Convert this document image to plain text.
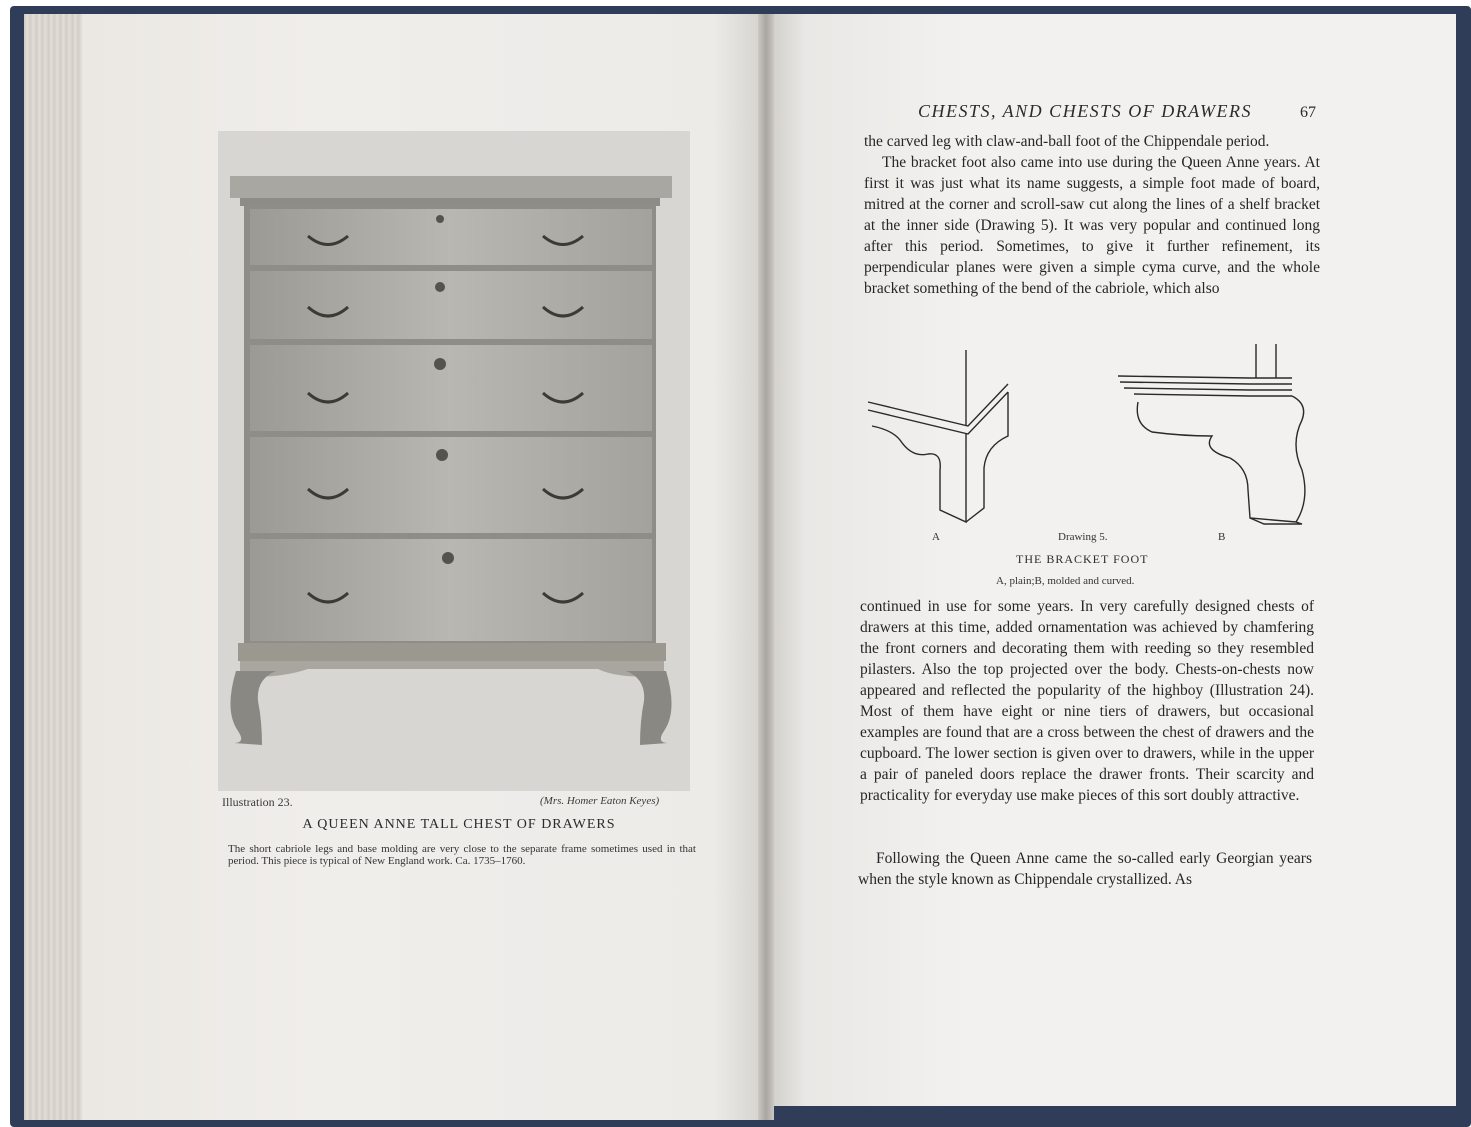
Illustration 23.	(Mrs. Homer Eaton Keyes)
A QUEEN ANNE TALL CHEST OF DRAWERS
The short cabriole legs and base molding are very close to the separate frame sometimes used in that period. This piece is typical of New England work. Ca. 1735–1760.
CHESTS, AND CHESTS OF DRAWERS	67
the carved leg with claw-and-ball foot of the Chippendale period.
The bracket foot also came into use during the Queen Anne years. At first it was just what its name suggests, a simple foot made of board, mitred at the corner and scroll-saw cut along the lines of a shelf bracket at the inner side (Drawing 5). It was very popular and continued long after this period. Sometimes, to give it further refinement, its perpendicular planes were given a simple cyma curve, and the whole bracket something of the bend of the cabriole, which also
A	Drawing 5.	B
THE BRACKET FOOT
A, plain;B, molded and curved.
continued in use for some years. In very carefully designed chests of drawers at this time, added ornamentation was achieved by chamfering the front corners and decorating them with reeding so they resembled pilasters. Also the top projected over the body. Chests-on-chests now appeared and reflected the popularity of the highboy (Illustration 24). Most of them have eight or nine tiers of drawers, but occasional examples are found that are a cross between the chest of drawers and the cupboard. The lower section is given over to drawers, while in the upper a pair of paneled doors replace the drawer fronts. Their scarcity and practicality for everyday use make pieces of this sort doubly attractive.
Following the Queen Anne came the so-called early Georgian years when the style known as Chippendale crystallized. As
